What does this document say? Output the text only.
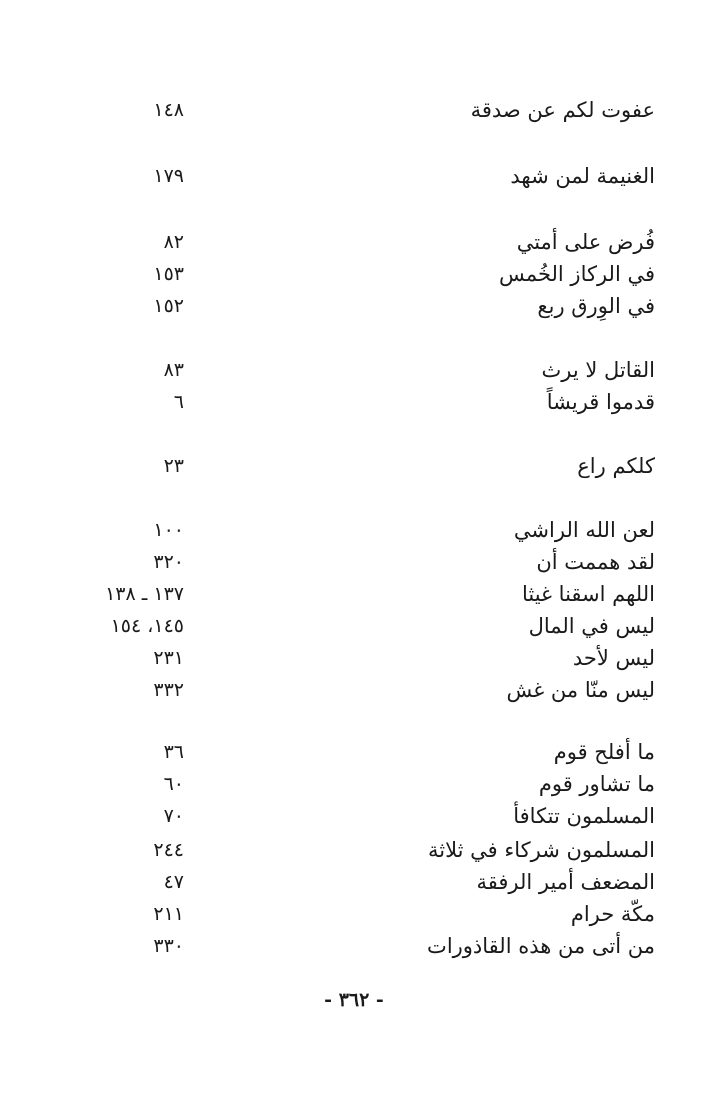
عفوت لكم عن صدقة
١٤٨
الغنيمة لمن شهد
١٧٩
فُرض على أمتي
٨٢
في الركاز الخُمس
١٥٣
في الوِرق ربع
١٥٢
القاتل لا يرث
٨٣
قدموا قريشاً
٦
كلكم راع
٢٣
لعن الله الراشي
١٠٠
لقد هممت أن
٣٢٠
اللهم اسقنا غيثا
١٣٧ ـ ١٣٨
ليس في المال
١٤٥، ١٥٤
ليس لأحد
٢٣١
ليس منّا من غش
٣٣٢
ما أفلح قوم
٣٦
ما تشاور قوم
٦٠
المسلمون تتكافأ
٧٠
المسلمون شركاء في ثلاثة
٢٤٤
المضعف أمير الرفقة
٤٧
مكّة حرام
٢١١
من أتى من هذه القاذورات
٣٣٠
- ٣٦٢ -
